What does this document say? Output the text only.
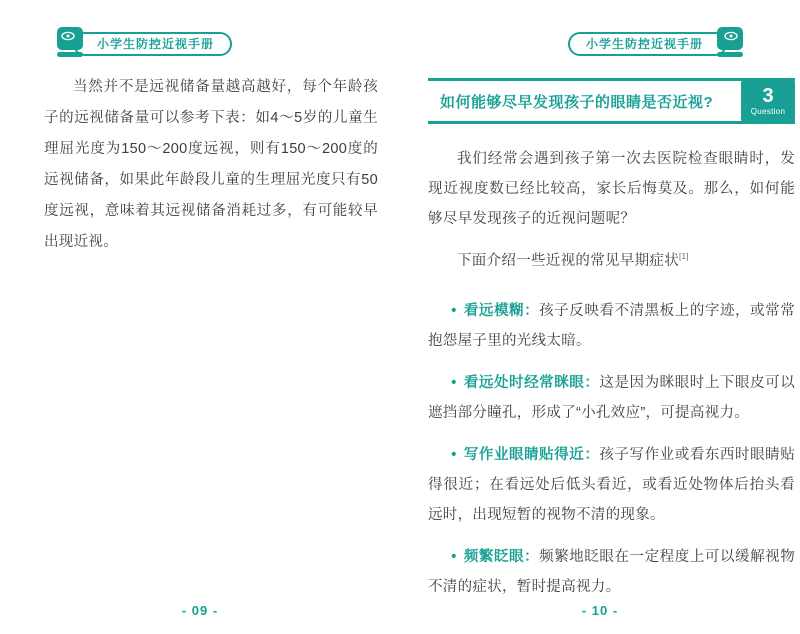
小学生防控近视手册

当然并不是远视储备量越高越好，每个年龄孩子的远视储备量可以参考下表：如4～5岁的儿童生理屈光度为150～200度远视，则有150～200度的远视储备，如果此年龄段儿童的生理屈光度只有50度远视，意味着其远视储备消耗过多，有可能较早出现近视。

- 09 -
小学生防控近视手册
如何能够尽早发现孩子的眼睛是否近视? 3
Question

我们经常会遇到孩子第一次去医院检查眼睛时，发现近视度数已经比较高，家长后悔莫及。那么，如何能够尽早发现孩子的近视问题呢？

下面介绍一些近视的常见早期症状[1]

• 看远模糊：孩子反映看不清黑板上的字迹，或常常抱怨屋子里的光线太暗。

• 看远处时经常眯眼：这是因为眯眼时上下眼皮可以遮挡部分瞳孔，形成了“小孔效应”，可提高视力。

• 写作业眼睛贴得近：孩子写作业或看东西时眼睛贴得很近；在看远处后低头看近，或看近处物体后抬头看远时，出现短暂的视物不清的现象。

• 频繁眨眼：频繁地眨眼在一定程度上可以缓解视物不清的症状，暂时提高视力。

- 10 -
